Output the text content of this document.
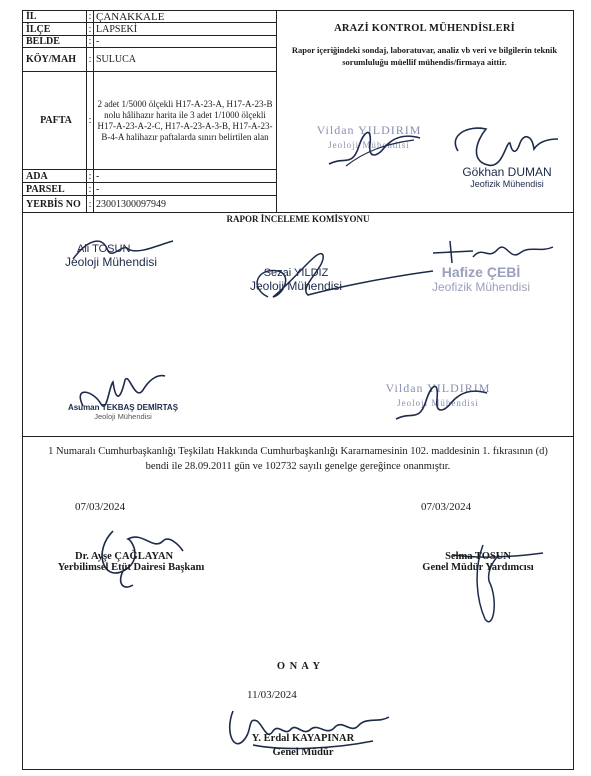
İL	: ÇANAKKALE
İLÇE	: LAPSEKİ
BELDE	: -
KÖY/MAH	: SULUCA
PAFTA	:
2 adet 1/5000 ölçekli H17-A-23-A, H17-A-23-B nolu hâlihazır harita ile 3 adet 1/1000 ölçekli H17-A-23-A-2-C, H17-A-23-A-3-B, H17-A-23-B-4-A halihazır paftalarda sınırı belirtilen alan
ADA	: -
PARSEL	: -
YERBİS NO : 23001300097949
ARAZİ KONTROL MÜHENDİSLERİ
Rapor içeriğindeki sondaj, laboratuvar, analiz vb veri ve bilgilerin teknik sorumluluğu müellif mühendis/firmaya aittir.
Vildan YILDIRIM
Jeoloji Mühendisi
Gökhan DUMAN
Jeofizik Mühendisi
RAPOR İNCELEME KOMİSYONU
Ali TOSUN
Jeoloji Mühendisi
Sezai YILDIZ
Jeoloji Mühendisi
Hafize ÇEBİ
Jeofizik Mühendisi
Asuman TEKBAŞ DEMİRTAŞ
Jeoloji Mühendisi
Vildan YILDIRIM
Jeoloji Mühendisi
1 Numaralı Cumhurbaşkanlığı Teşkilatı Hakkında Cumhurbaşkanlığı Kararnamesinin 102. maddesinin 1. fıkrasının (d) bendi ile 28.09.2011 gün ve 102732 sayılı genelge gereğince onanmıştır.
07/03/2024
Dr. Ayşe ÇAĞLAYAN
Yerbilimsel Etüt Dairesi Başkanı
07/03/2024
Selma TOSUN
Genel Müdür Yardımcısı
O N A Y
11/03/2024
Y. Erdal KAYAPINAR
Genel Müdür
